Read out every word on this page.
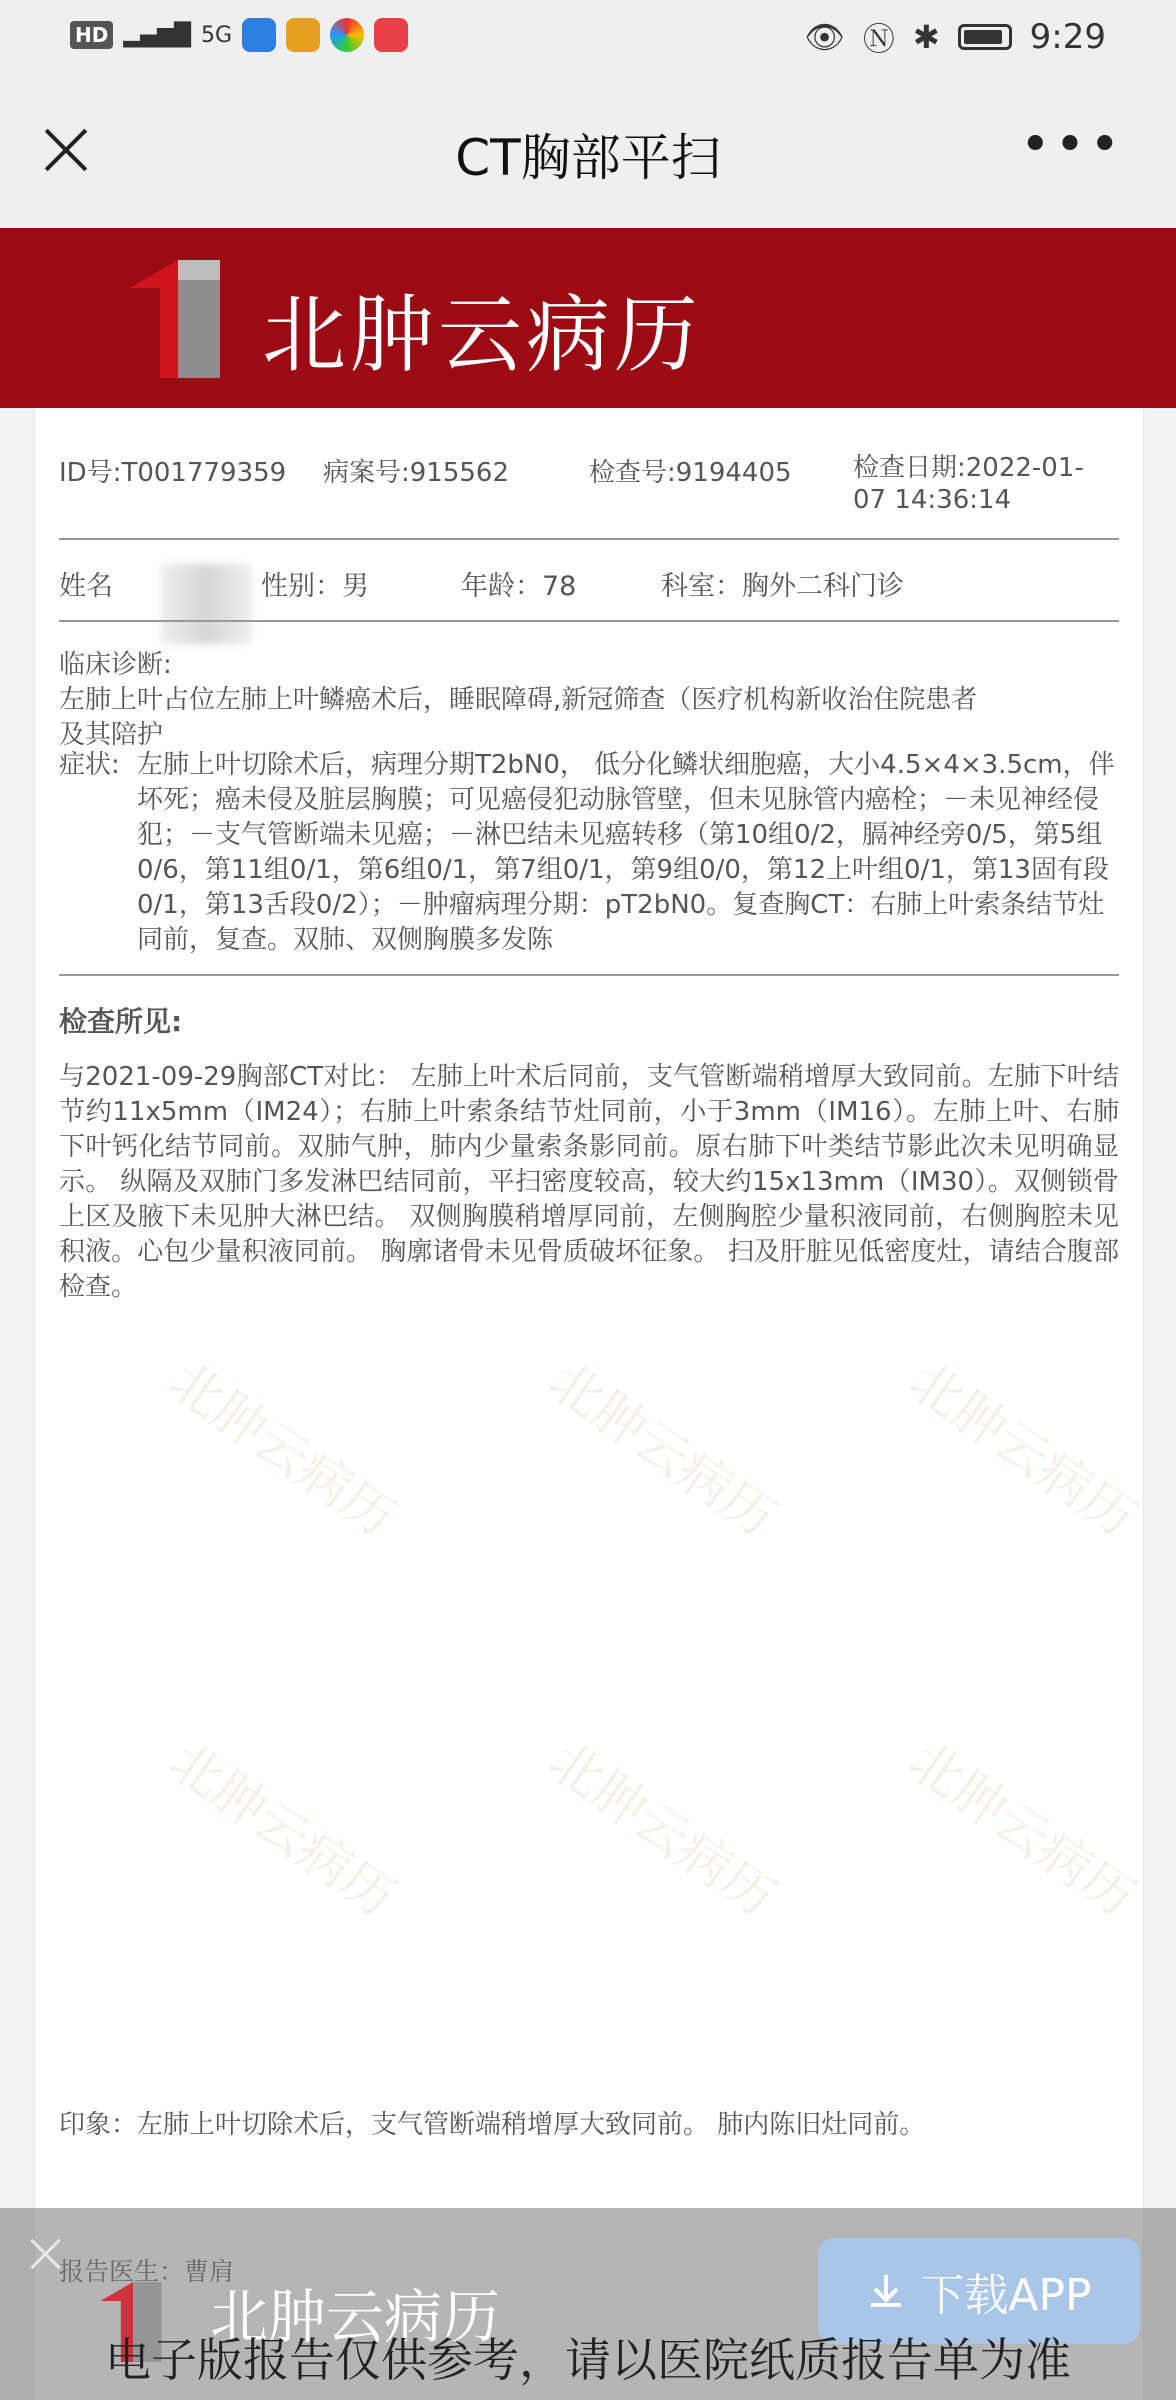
HD ▂▄▆█ 5G	👁 Ⓝ ✱	9:29
CT胸部平扫	•••
北肿云病历
北肿云病历	北肿云病历 北肿云病历
北肿云病历	北肿云病历 北肿云病历
ID号:T001779359 病案号:915562	检查号:9194405 检查日期:2022-01-07 14:36:14
姓名	性别：男	年龄：78	科室：胸外二科门诊
临床诊断:
左肺上叶占位左肺上叶鳞癌术后，睡眠障碍,新冠筛查（医疗机构新收治住院患者及其陪护
症状: 左肺上叶切除术后，病理分期T2bN0， 低分化鳞状细胞癌，大小4.5×4×3.5cm，伴坏死；癌未侵及脏层胸膜；可见癌侵犯动脉管壁，但未见脉管内癌栓；－未见神经侵犯；－支气管断端未见癌；－淋巴结未见癌转移（第10组0/2，膈神经旁0/5，第5组0/6，第11组0/1，第6组0/1，第7组0/1，第9组0/0，第12上叶组0/1，第13固有段0/1，第13舌段0/2）；－肿瘤病理分期：pT2bN0。复查胸CT：右肺上叶索条结节灶同前，复查。双肺、双侧胸膜多发陈
检查所见:
与2021-09-29胸部CT对比： 左肺上叶术后同前，支气管断端稍增厚大致同前。左肺下叶结节约11x5mm（IM24）；右肺上叶索条结节灶同前，小于3mm（IM16）。左肺上叶、右肺下叶钙化结节同前。双肺气肿，肺内少量索条影同前。原右肺下叶类结节影此次未见明确显示。 纵隔及双肺门多发淋巴结同前，平扫密度较高，较大约15x13mm（IM30）。双侧锁骨上区及腋下未见肿大淋巴结。 双侧胸膜稍增厚同前，左侧胸腔少量积液同前，右侧胸腔未见积液。心包少量积液同前。 胸廓诸骨未见骨质破坏征象。 扫及肝脏见低密度灶，请结合腹部检查。
印象：左肺上叶切除术后，支气管断端稍增厚大致同前。 肺内陈旧灶同前。
北肿云病历	下载APP
电子版报告仅供参考，请以医院纸质报告单为准
